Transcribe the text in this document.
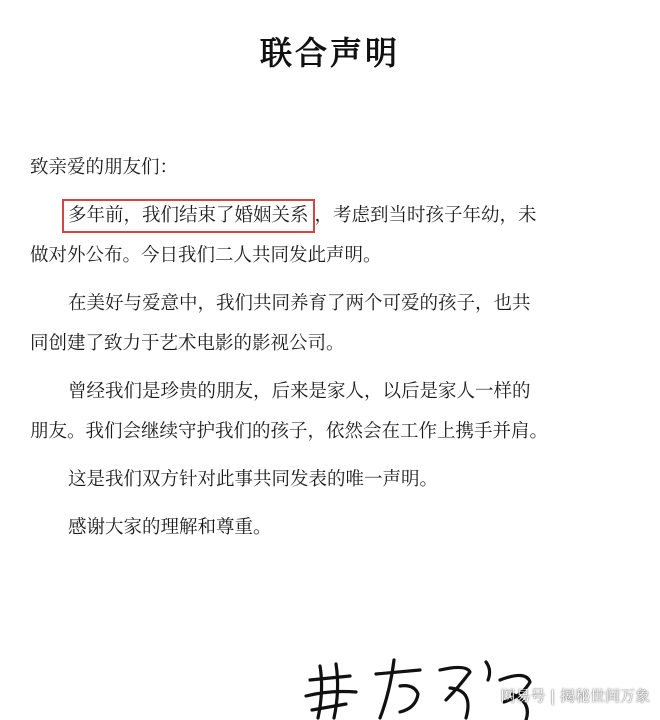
联合声明
致亲爱的朋友们：
多年前，我们结束了婚姻关系 ，考虑到当时孩子年幼，未
做对外公布。今日我们二人共同发此声明。
在美好与爱意中，我们共同养育了两个可爱的孩子，也共
同创建了致力于艺术电影的影视公司。
曾经我们是珍贵的朋友，后来是家人，以后是家人一样的
朋友。我们会继续守护我们的孩子，依然会在工作上携手并肩。
这是我们双方针对此事共同发表的唯一声明。
感谢大家的理解和尊重。
网易号 | 揭秘世间万象
